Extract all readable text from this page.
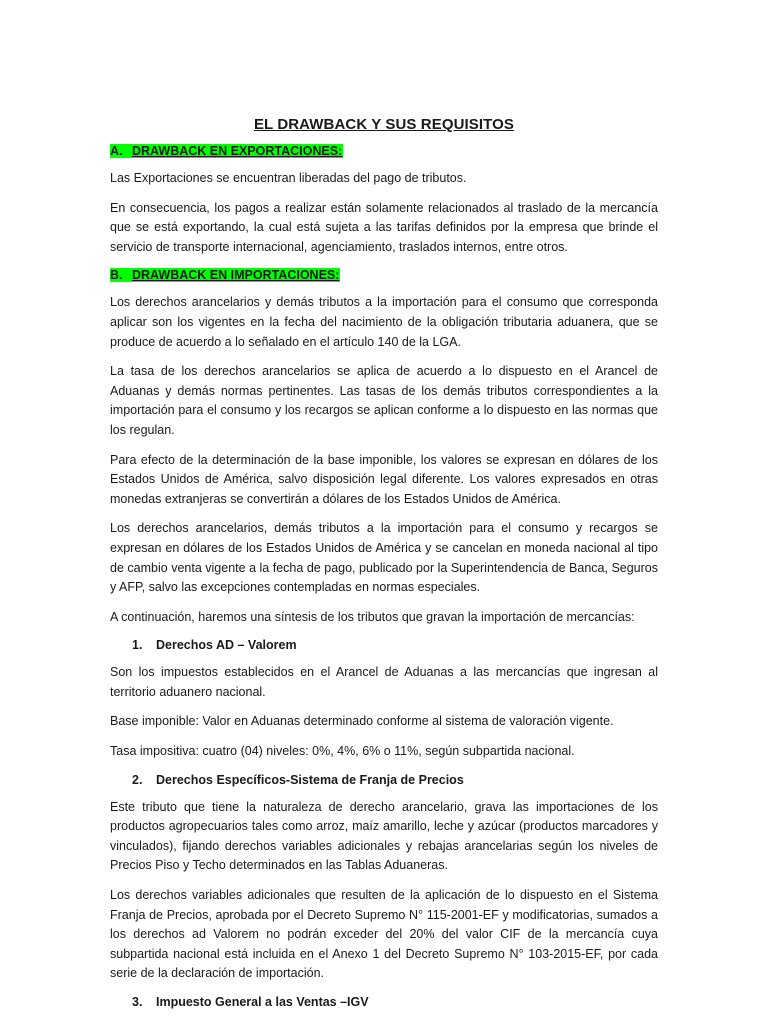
EL DRAWBACK Y SUS REQUISITOS
A. DRAWBACK EN EXPORTACIONES:

Las Exportaciones se encuentran liberadas del pago de tributos.

En consecuencia, los pagos a realizar están solamente relacionados al traslado de la mercancía que se está exportando, la cual está sujeta a las tarifas definidos por la empresa que brinde el servicio de transporte internacional, agenciamiento, traslados internos, entre otros.

B. DRAWBACK EN IMPORTACIONES:

Los derechos arancelarios y demás tributos a la importación para el consumo que corresponda aplicar son los vigentes en la fecha del nacimiento de la obligación tributaria aduanera, que se produce de acuerdo a lo señalado en el artículo 140 de la LGA.

La tasa de los derechos arancelarios se aplica de acuerdo a lo dispuesto en el Arancel de Aduanas y demás normas pertinentes. Las tasas de los demás tributos correspondientes a la importación para el consumo y los recargos se aplican conforme a lo dispuesto en las normas que los regulan.

Para efecto de la determinación de la base imponible, los valores se expresan en dólares de los Estados Unidos de América, salvo disposición legal diferente. Los valores expresados en otras monedas extranjeras se convertirán a dólares de los Estados Unidos de América.

Los derechos arancelarios, demás tributos a la importación para el consumo y recargos se expresan en dólares de los Estados Unidos de América y se cancelan en moneda nacional al tipo de cambio venta vigente a la fecha de pago, publicado por la Superintendencia de Banca, Seguros y AFP, salvo las excepciones contempladas en normas especiales.

A continuación, haremos una síntesis de los tributos que gravan la importación de mercancías:

1. Derechos AD – Valorem

Son los impuestos establecidos en el Arancel de Aduanas a las mercancías que ingresan al territorio aduanero nacional.

Base imponible: Valor en Aduanas determinado conforme al sistema de valoración vigente.

Tasa impositiva: cuatro (04) niveles: 0%, 4%, 6% o 11%, según subpartida nacional.

2. Derechos Específicos-Sistema de Franja de Precios

Este tributo que tiene la naturaleza de derecho arancelario, grava las importaciones de los productos agropecuarios tales como arroz, maíz amarillo, leche y azúcar (productos marcadores y vinculados), fijando derechos variables adicionales y rebajas arancelarias según los niveles de Precios Piso y Techo determinados en las Tablas Aduaneras.

Los derechos variables adicionales que resulten de la aplicación de lo dispuesto en el Sistema Franja de Precios, aprobada por el Decreto Supremo N° 115-2001-EF y modificatorias, sumados a los derechos ad Valorem no podrán exceder del 20% del valor CIF de la mercancía cuya subpartida nacional está incluida en el Anexo 1 del Decreto Supremo N° 103-2015-EF, por cada serie de la declaración de importación.

3. Impuesto General a las Ventas –IGV
